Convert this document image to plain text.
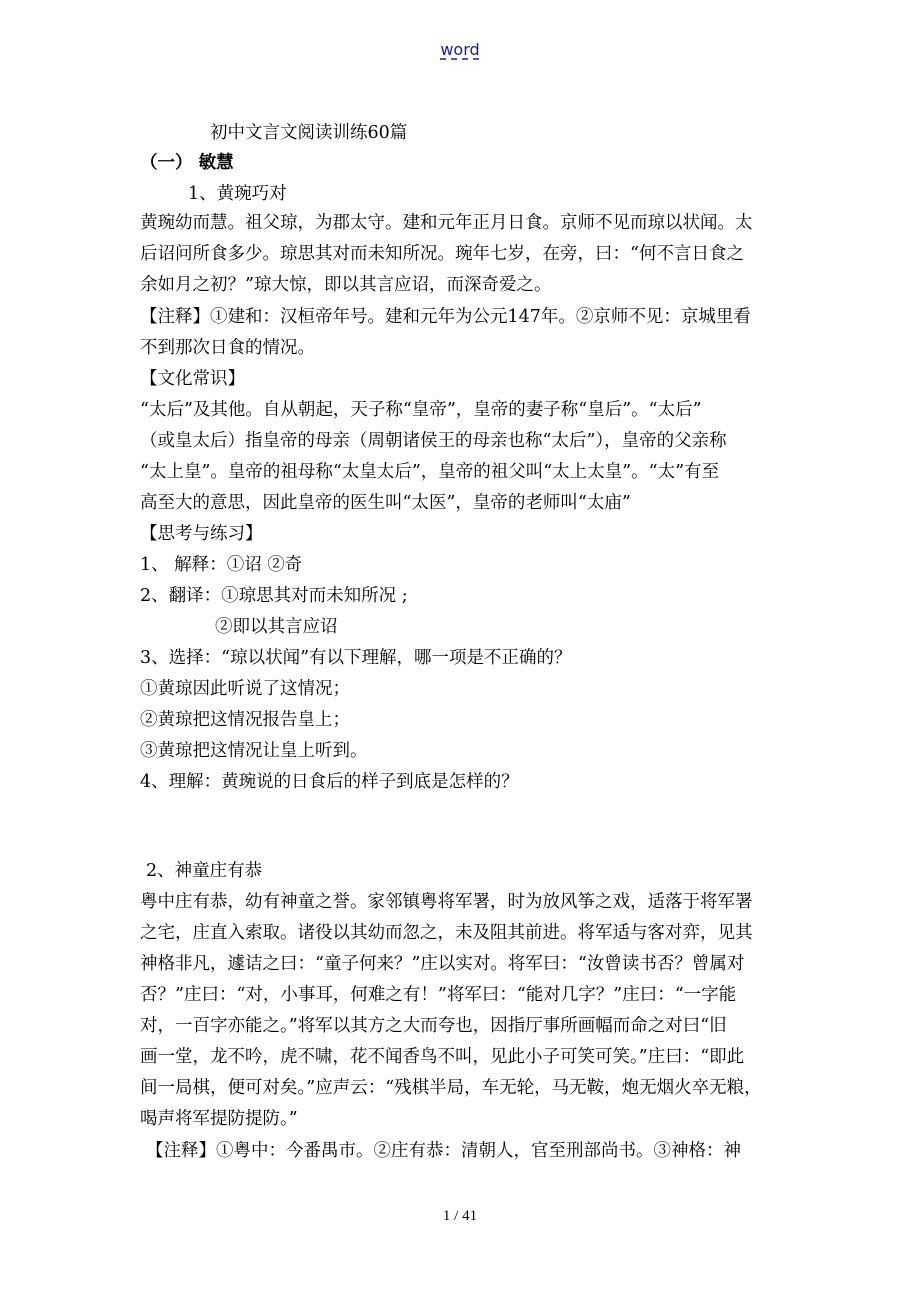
word
初中文言文阅读训练60篇
（一） 敏慧
1、黄琬巧对
黄琬幼而慧。祖父琼，为郡太守。建和元年正月日食。京师不见而琼以状闻。太
后诏问所食多少。琼思其对而未知所况。琬年七岁，在旁，曰：“何不言日食之
余如月之初？”琼大惊，即以其言应诏，而深奇爱之。
【注释】①建和：汉桓帝年号。建和元年为公元147年。②京师不见：京城里看
不到那次日食的情况。
【文化常识】
“太后”及其他。自从朝起，天子称“皇帝”，皇帝的妻子称“皇后”。“太后”
（或皇太后）指皇帝的母亲（周朝诸侯王的母亲也称“太后”），皇帝的父亲称
“太上皇”。皇帝的祖母称“太皇太后”，皇帝的祖父叫“太上太皇”。“太”有至
高至大的意思，因此皇帝的医生叫“太医”，皇帝的老师叫“太庙”
【思考与练习】
1、 解释：①诏 ②奇
2、翻译：①琼思其对而未知所况 ;
②即以其言应诏
3、选择：“琼以状闻”有以下理解，哪一项是不正确的？
①黄琼因此听说了这情况；
②黄琼把这情况报告皇上；
③黄琼把这情况让皇上听到。
4、理解：黄琬说的日食后的样子到底是怎样的？
2、神童庄有恭
粤中庄有恭，幼有神童之誉。家邻镇粤将军署，时为放风筝之戏，适落于将军署
之宅，庄直入索取。诸役以其幼而忽之，未及阻其前进。将军适与客对弈，见其
神格非凡，遽诘之曰：“童子何来？”庄以实对。将军曰：“汝曾读书否？曾属对
否？”庄曰：“对，小事耳，何难之有！”将军曰：“能对几字？”庄曰：“一字能
对，一百字亦能之。”将军以其方之大而夸也，因指厅事所画幅而命之对曰“旧
画一堂，龙不吟，虎不啸，花不闻香鸟不叫，见此小子可笑可笑。”庄曰：“即此
间一局棋，便可对矣。”应声云：“残棋半局，车无轮，马无鞍，炮无烟火卒无粮，
喝声将军提防提防。”
【注释】①粤中：今番禺市。②庄有恭：清朝人，官至刑部尚书。③神格：神
1 / 41
